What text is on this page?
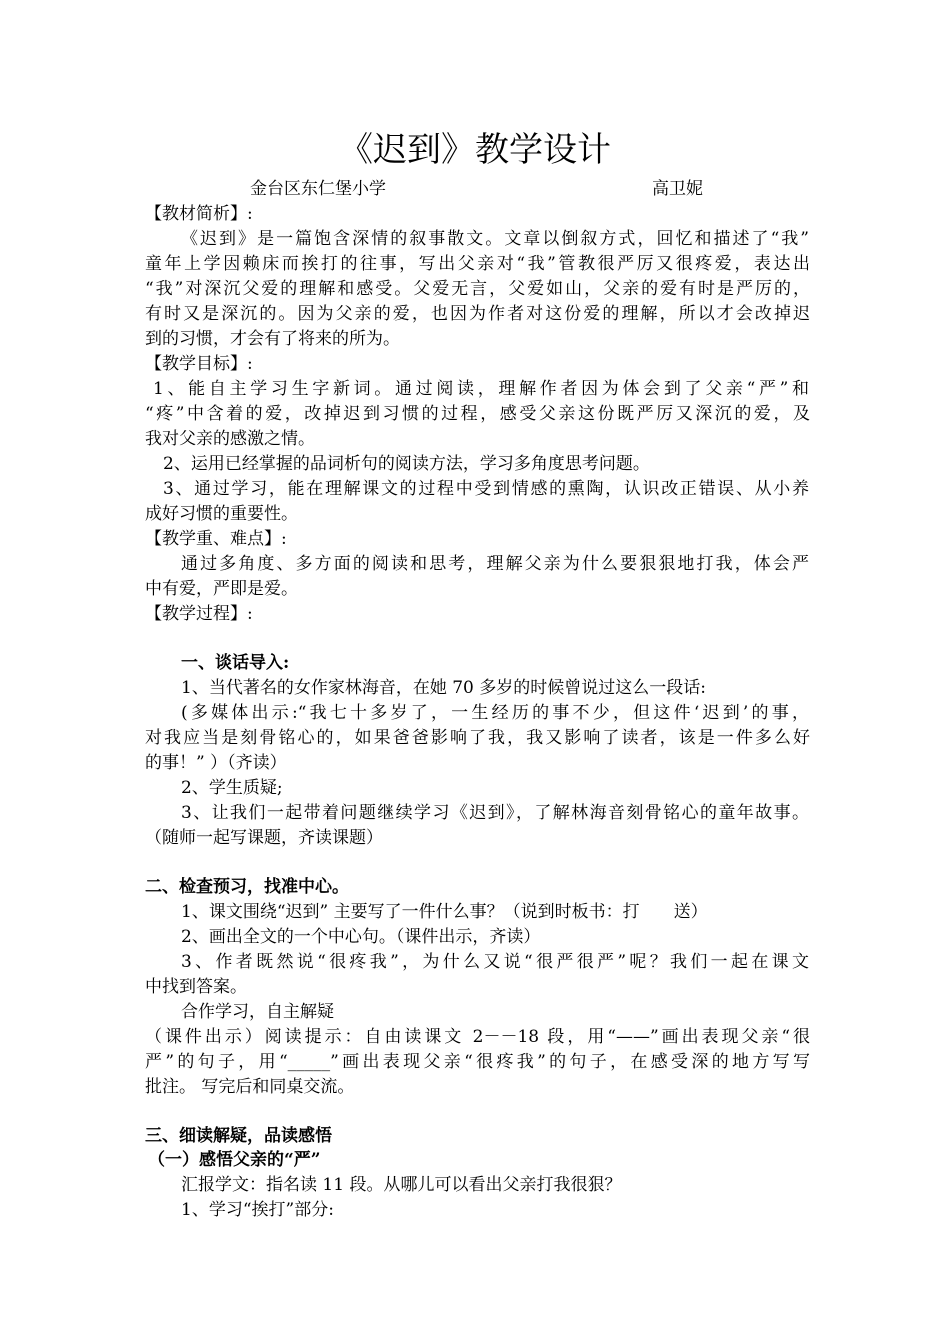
《迟到》教学设计
金台区东仁堡小学	高卫妮
【教材简析】:
《迟到》是一篇饱含深情的叙事散文。文章以倒叙方式，回忆和描述了“我”
童年上学因赖床而挨打的往事，写出父亲对“我”管教很严厉又很疼爱，表达出
“我”对深沉父爱的理解和感受。父爱无言，父爱如山，父亲的爱有时是严厉的，
有时又是深沉的。因为父亲的爱，也因为作者对这份爱的理解，所以才会改掉迟
到的习惯，才会有了将来的所为。
【教学目标】:
1、能自主学习生字新词。通过阅读，理解作者因为体会到了父亲“严”和
“疼”中含着的爱，改掉迟到习惯的过程，感受父亲这份既严厉又深沉的爱，及
我对父亲的感激之情。
2、运用已经掌握的品词析句的阅读方法，学习多角度思考问题。
3、通过学习，能在理解课文的过程中受到情感的熏陶，认识改正错误、从小养
成好习惯的重要性。
【教学重、难点】:
通过多角度、多方面的阅读和思考，理解父亲为什么要狠狠地打我，体会严
中有爱，严即是爱。
【教学过程】:
一、谈话导入:
1、当代著名的女作家林海音，在她 70 多岁的时候曾说过这么一段话:
(多媒体出示:“我七十多岁了，一生经历的事不少，但这件‘迟到’的事，
对我应当是刻骨铭心的，如果爸爸影响了我，我又影响了读者，该是一件多么好
的事！” ）（齐读）
2、学生质疑;
3、让我们一起带着问题继续学习《迟到》，了解林海音刻骨铭心的童年故事。
（随师一起写课题，齐读课题）
二、检查预习，找准中心。
1、课文围绕“迟到” 主要写了一件什么事？（说到时板书：打　　送）
2、画出全文的一个中心句。（课件出示，齐读）
3、作者既然说“很疼我”，为什么又说“很严很严”呢？我们一起在课文
中找到答案。
合作学习，自主解疑
（课件出示）阅读提示：自由读课文 2－－18 段，用“——”画出表现父亲“很
严”的句子，用“_____”画出表现父亲“很疼我”的句子，在感受深的地方写写
批注。 写完后和同桌交流。
三、细读解疑，品读感悟
（一）感悟父亲的“严”
汇报学文：指名读 11 段。从哪儿可以看出父亲打我很狠？
1、学习“挨打”部分:
